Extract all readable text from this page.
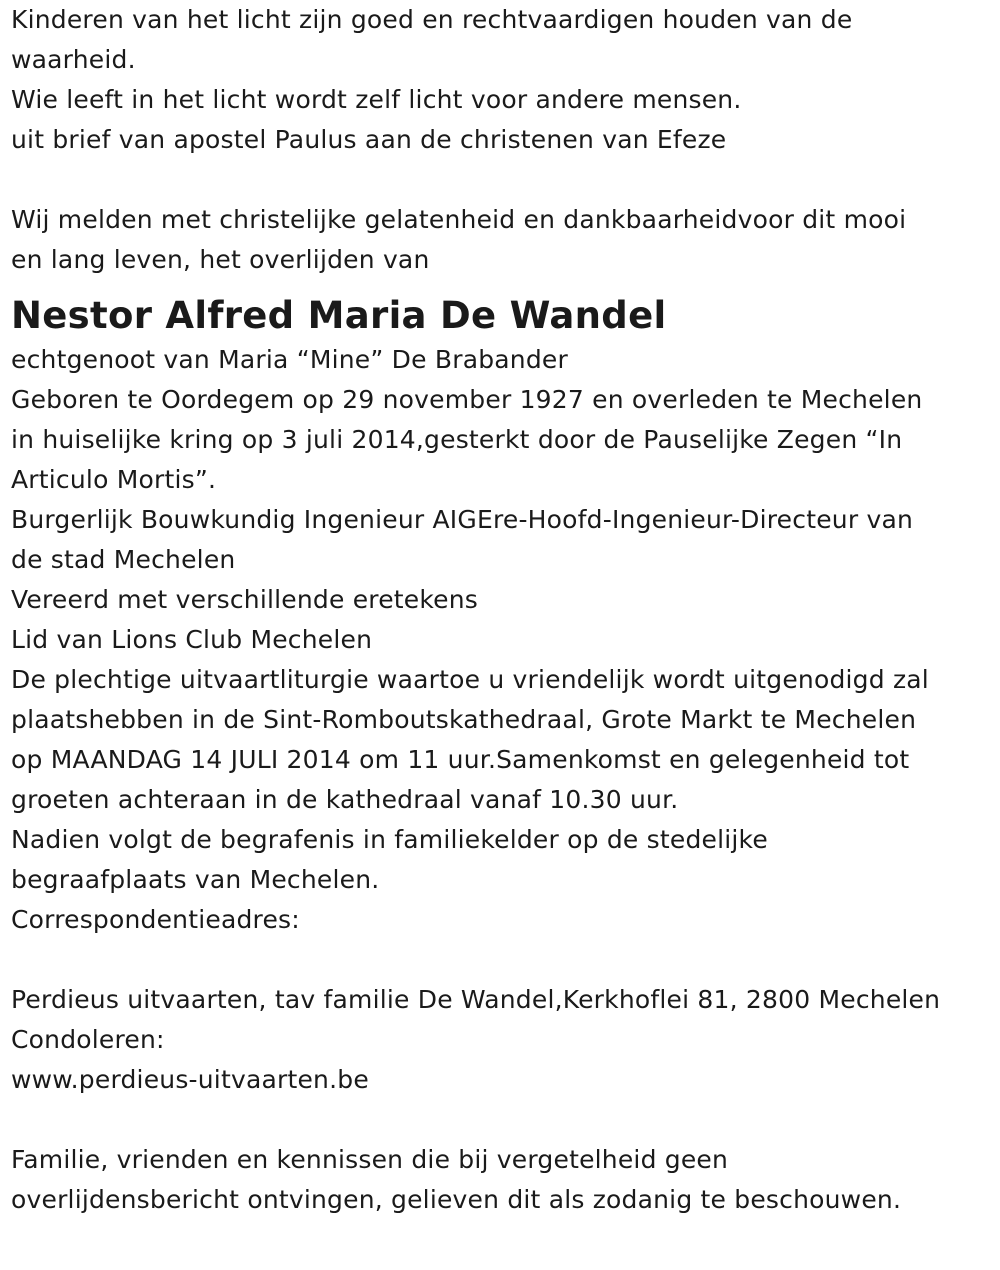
Kinderen van het licht zijn goed en rechtvaardigen houden van de
waarheid.
Wie leeft in het licht wordt zelf licht voor andere mensen.
uit brief van apostel Paulus aan de christenen van Efeze
Wij melden met christelijke gelatenheid en dankbaarheidvoor dit mooi
en lang leven, het overlijden van
Nestor Alfred Maria De Wandel
echtgenoot van Maria “Mine” De Brabander
Geboren te Oordegem op 29 november 1927 en overleden te Mechelen
in huiselijke kring op 3 juli 2014,gesterkt door de Pauselijke Zegen “In
Articulo Mortis”.
Burgerlijk Bouwkundig Ingenieur AIGEre-Hoofd-Ingenieur-Directeur van
de stad Mechelen
Vereerd met verschillende eretekens
Lid van Lions Club Mechelen
De plechtige uitvaartliturgie waartoe u vriendelijk wordt uitgenodigd zal
plaatshebben in de Sint-Romboutskathedraal, Grote Markt te Mechelen
op MAANDAG 14 JULI 2014 om 11 uur.Samenkomst en gelegenheid tot
groeten achteraan in de kathedraal vanaf 10.30 uur.
Nadien volgt de begrafenis in familiekelder op de stedelijke
begraafplaats van Mechelen.
Correspondentieadres:
Perdieus uitvaarten, tav familie De Wandel,Kerkhoflei 81, 2800 Mechelen
Condoleren:
www.perdieus-uitvaarten.be
Familie, vrienden en kennissen die bij vergetelheid geen
overlijdensbericht ontvingen, gelieven dit als zodanig te beschouwen.
